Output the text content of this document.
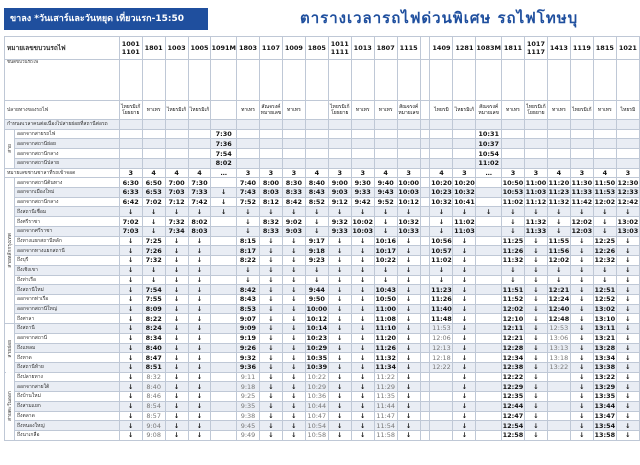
ขาลง *วันเสาร์และวันหยุด เที่ยวแรก-15:50	ตารางเวลารถไฟด่วนพิเศษ รถไฟโทษบุ
หมายเลขขบวนรถไฟ		1001 1101	1801	1003	1005	1091M	1803	1107	1009	1805	1011 1111	1013	1807	1115		1409	1281	1083M	1811	1017 1117	1413	1119	1815	1021
ชนิดขบวนรถไฟ																								
ปลายทางของรถไฟ		ไหยรมิเก้ โยธยาย	ทาเทร	ไหยรมิเก้	ไหยรมิเก้		ทาเทร	สัณจรงค์ หมายเลข	ทาเทร		ไหยรมิเก้ โยธยาย	ทาเทร	ทาเทร	สัณจรงค์ หมายเลข		ไหยรมิ	ไหยรมิเก้	สัณจรงค์ หมายเลข	ทาเทร	ไหยรมิเก้ โยธยาย	ทาเทร	ไหยรมิเก้	ทาเทร	ไหยรมิ
กำหนดเวลาคนต่อเนื่องไปสายย่อยที่สถานีต่อรถ																								
สาย	ออกจากสายรถไฟ					7:30												10:31						
	ออกจากสถานีย่อย					7:36												10:37						
	ออกจากสถานีกลาง					7:54												10:54						
	ออกจากสถานีปลาย					8:02												11:02						
หมายเลขชานชาลาที่รถเข้าจอด		3	4	4	4	…	3	3	3	4	3	3	4	3		4	3	…	3	3	4	3	4	3
สายหลักกรุงเทพ	ออกจากสถานีต้นทาง	6:30	6:50	7:00	7:30		7:40	8:00	8:30	8:40	9:00	9:30	9:40	10:00		10:20	10:20		10:50	11:00	11:20	11:30	11:50	12:30
	ออกจากเมืองใหม่	6:33	6:53	7:03	7:33	↓	7:43	8:03	8:33	8:43	9:03	9:33	9:43	10:03		10:23	10:32		10:53	11:03	11:23	11:33	11:53	12:33
	ออกจากสถานีกลาง	6:42	7:02	7:12	7:42	↓	7:52	8:12	8:42	8:52	9:12	9:42	9:52	10:12		10:32	10:41		11:02	11:12	11:32	11:42	12:02	12:42
	ถึงสถานีเชื่อม	↓	↓	↓	↓	↓	↓	↓	↓	↓	↓	↓	↓	↓		↓	↓	↓	↓	↓	↓	↓	↓	↓
	ถึงศรีราชา	7:02	↓	7:32	8:02		↓	8:32	9:02	↓	9:32	10:02	↓	10:32		↓	11:02		↓	11:32	↓	12:02	↓	13:02
	ออกจากศรีราชา	7:03	↓	7:34	8:03		↓	8:33	9:03	↓	9:33	10:03	↓	10:33		↓	11:03		↓	11:33	↓	12:03	↓	13:03
	ถึงทางแยกสถานีหลัก	↓	7:25	↓	↓		8:15	↓	↓	9:17	↓	↓	10:16	↓		10:56	↓		11:25	↓	11:55	↓	12:25	↓
	ออกจากทางแยกสถานี	↓	7:26	↓	↓		8:17	↓	↓	9:18	↓	↓	10:17	↓		10:57	↓		11:26	↓	11:56	↓	12:26	↓
	ถึงบุรี	↓	7:32	↓	↓		8:22	↓	↓	9:23	↓	↓	10:22	↓		11:02	↓		11:32	↓	12:02	↓	12:32	↓
	ถึงเชิงเขา	↓	↓	↓	↓		↓	↓	↓	↓	↓	↓	↓	↓		↓	↓		↓	↓	↓	↓	↓	↓
	ถึงท่าเรือ	↓	↓	↓	↓		↓	↓	↓	↓	↓	↓	↓	↓		↓	↓		↓	↓	↓	↓	↓	↓
	ถึงสถานีใหม่	↓	7:54	↓	↓		8:42	↓	↓	9:44	↓	↓	10:43	↓		11:23	↓		11:51	↓	12:21	↓	12:51	↓
	ออกจากท่าเรือ	↓	7:55	↓	↓		8:43	↓	↓	9:50	↓	↓	10:50	↓		11:26	↓		11:52	↓	12:24	↓	12:52	↓
	ออกจากสถานีใหญ่	↓	8:09	↓	↓		8:53	↓	↓	10:00	↓	↓	11:00	↓		11:40	↓		12:02	↓	12:40	↓	13:02	↓
	ถึงศาลา	↓	8:22	↓	↓		9:07	↓	↓	10:12	↓	↓	11:08	↓		11:48	↓		12:10	↓	12:48	↓	13:10	↓
สายย่อย	ถึงสถานี	↓	8:24	↓	↓		9:09	↓	↓	10:14	↓	↓	11:10	↓		11:53	↓		12:11	↓	12:53	↓	13:11	↓
	ออกจากสถานี	↓	8:34	↓	↓		9:19	↓	↓	10:23	↓	↓	11:20	↓		12:06	↓		12:21	↓	13:06	↓	13:21	↓
	ถึงแหลม	↓	8:40	↓	↓		9:26	↓	↓	10:29	↓	↓	11:26	↓		12:13	↓		12:28	↓	13:13	↓	13:28	↓
	ถึงหาด	↓	8:47	↓	↓		9:32	↓	↓	10:35	↓	↓	11:32	↓		12:18	↓		12:34	↓	13:18	↓	13:34	↓
	ถึงสถานีท้าย	↓	8:51	↓	↓		9:36	↓	↓	10:39	↓	↓	11:34	↓		12:22	↓		12:38	↓	13:22	↓	13:38	↓
สายตะวันออก	ถึงปลายทาง	↓	8:32	↓	↓		9:11	↓	↓	10:22	↓	↓	11:22	↓			↓		12:22	↓		↓	13:22	↓
	ออกจากสายใต้	↓	8:40	↓	↓		9:18	↓	↓	10:29	↓	↓	11:29	↓			↓		12:29	↓		↓	13:29	↓
	ถึงบ้านใหม่	↓	8:46	↓	↓		9:25	↓	↓	10:36	↓	↓	11:35	↓			↓		12:35	↓		↓	13:35	↓
	ถึงสามแยก	↓	8:54	↓	↓		9:35	↓	↓	10:44	↓	↓	11:44	↓			↓		12:44	↓		↓	13:44	↓
	ถึงตลาด	↓	8:57	↓	↓		9:38	↓	↓	10:47	↓	↓	11:47	↓			↓		12:47	↓		↓	13:47	↓
	ถึงหนองใหญ่	↓	9:04	↓	↓		9:45	↓	↓	10:54	↓	↓	11:54	↓			↓		12:54	↓		↓	13:54	↓
	ถึงนาเกลือ	↓	9:08	↓	↓		9:49	↓	↓	10:58	↓	↓	11:58	↓			↓		12:58	↓		↓	13:58	↓
